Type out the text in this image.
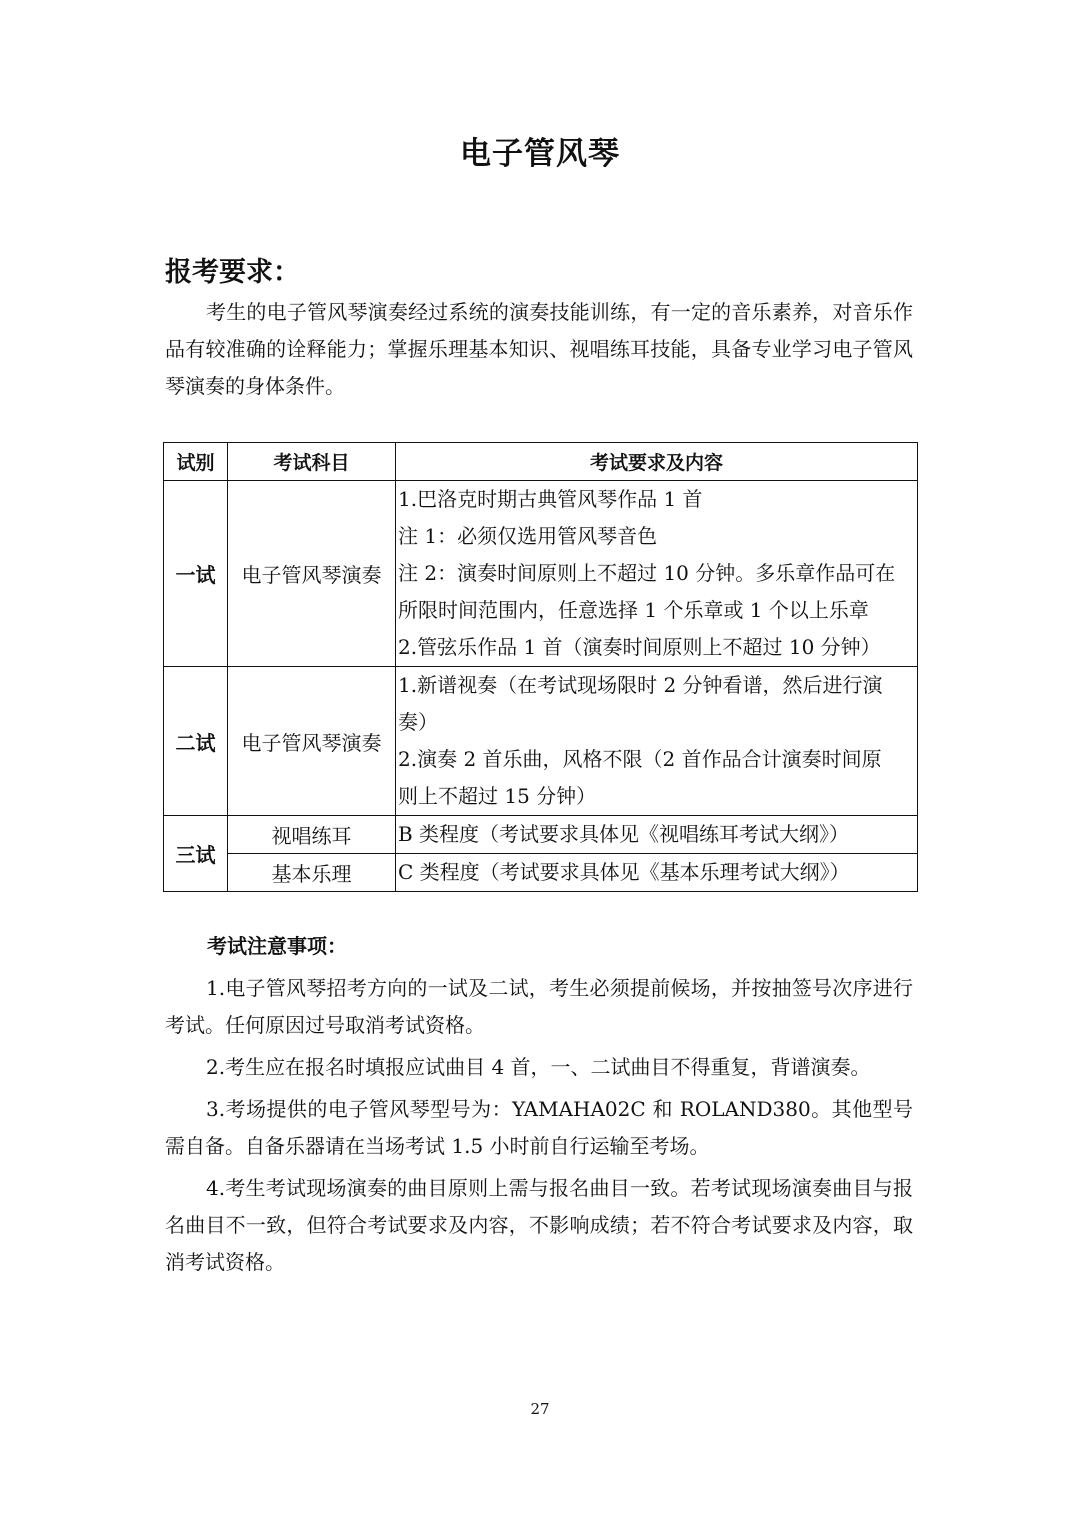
电子管风琴
报考要求：

考生的电子管风琴演奏经过系统的演奏技能训练，有一定的音乐素养，对音乐作品有较准确的诠释能力；掌握乐理基本知识、视唱练耳技能，具备专业学习电子管风琴演奏的身体条件。

试别	考试科目	考试要求及内容
一试	电子管风琴演奏	1.巴洛克时期古典管风琴作品 1 首
注 1：必须仅选用管风琴音色
注 2：演奏时间原则上不超过 10 分钟。多乐章作品可在
所限时间范围内，任意选择 1 个乐章或 1 个以上乐章
2.管弦乐作品 1 首（演奏时间原则上不超过 10 分钟）

二试	电子管风琴演奏	1.新谱视奏（在考试现场限时 2 分钟看谱，然后进行演
奏）
2.演奏 2 首乐曲，风格不限（2 首作品合计演奏时间原
则上不超过 15 分钟）

三试	视唱练耳	B 类程度（考试要求具体见《视唱练耳考试大纲》）

	基本乐理	C 类程度（考试要求具体见《基本乐理考试大纲》）
考试注意事项：
1.电子管风琴招考方向的一试及二试，考生必须提前候场，并按抽签号次序进行考试。任何原因过号取消考试资格。
2.考生应在报名时填报应试曲目 4 首，一、二试曲目不得重复，背谱演奏。
3.考场提供的电子管风琴型号为：YAMAHA02C 和 ROLAND380。其他型号需自备。自备乐器请在当场考试 1.5 小时前自行运输至考场。
4.考生考试现场演奏的曲目原则上需与报名曲目一致。若考试现场演奏曲目与报名曲目不一致，但符合考试要求及内容，不影响成绩；若不符合考试要求及内容，取消考试资格。
27
